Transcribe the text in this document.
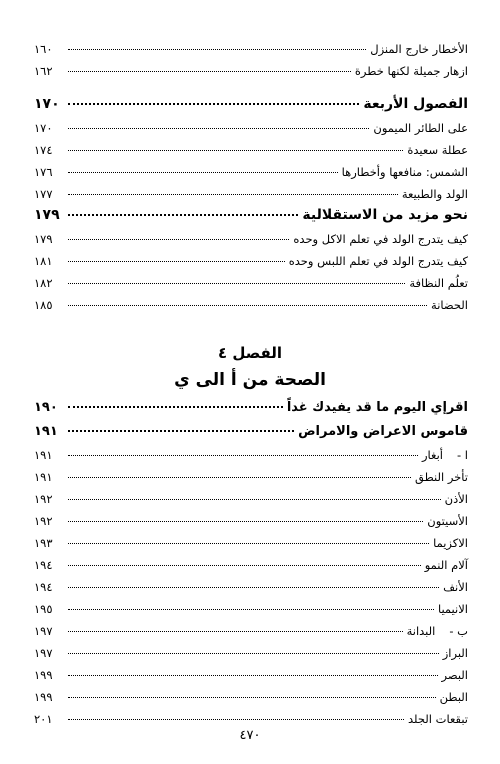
الأخطار خارج المنزل
١٦٠
ازهار جميلة لكنها خطرة
١٦٢
الفصول الأربعة
١٧٠
على الطائر الميمون
١٧٠
عطلة سعيدة
١٧٤
الشمس: منافعها وأخطارها
١٧٦
الولد والطبيعة
١٧٧
نحو مزيد من الاستقلالية
١٧٩
كيف يتدرج الولد في تعلم الاكل وحده
١٧٩
كيف يتدرج الولد في تعلم اللبس وحده
١٨١
تعلُم النظافة
١٨٢
الحضانة
١٨٥
الفصل ٤
الصحة من أ الى ي
اقرإي اليوم ما قد يفيدك غداً
١٩٠
قاموس الاعراض والامراض
١٩١
ا -
أبغار
١٩١
تأخر النطق
١٩١
الأذن
١٩٢
الأسيتون
١٩٢
الاكزيما
١٩٣
آلام النمو
١٩٤
الأنف
١٩٤
الانيميا
١٩٥
ب -
البدانة
١٩٧
البراز
١٩٧
البصر
١٩٩
البطن
١٩٩
تبقعات الجلد
٢٠١
٤٧٠
